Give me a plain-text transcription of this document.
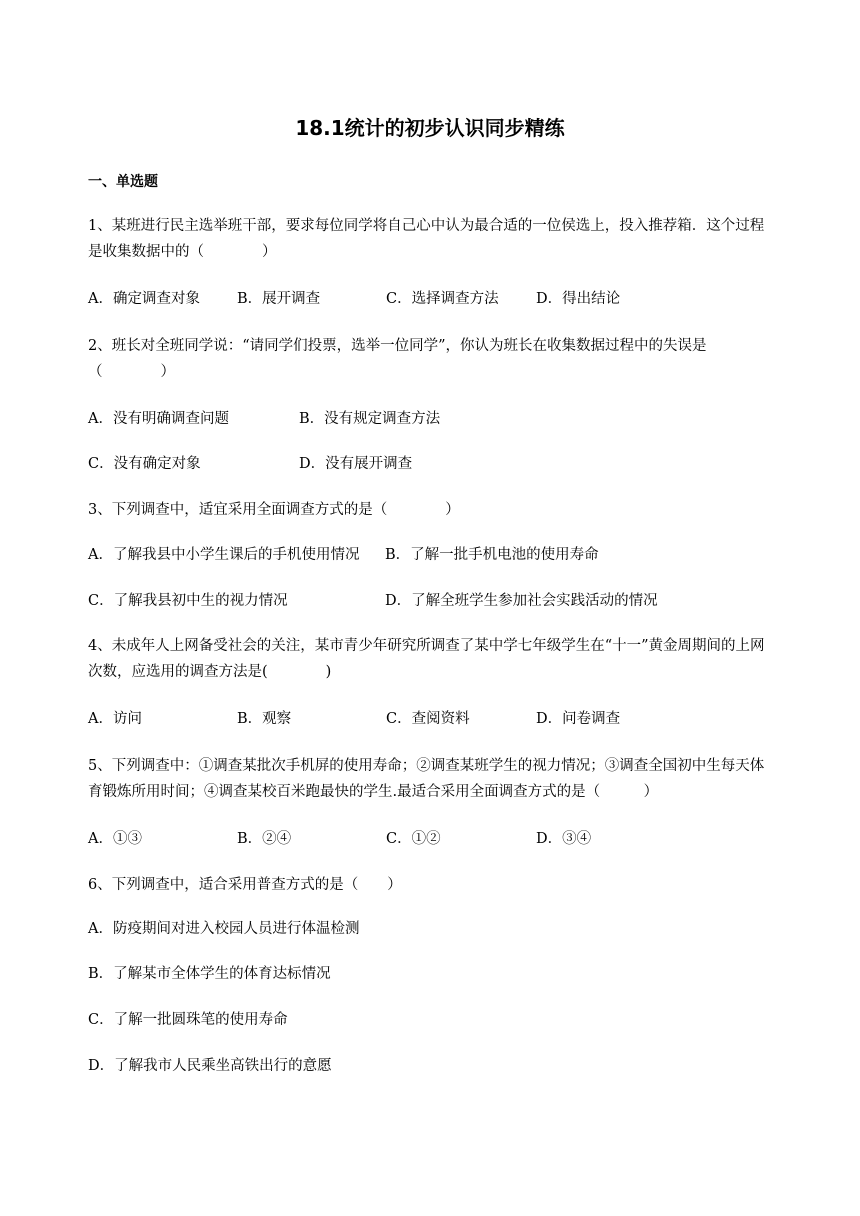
18.1统计的初步认识同步精练
一、单选题
1、某班进行民主选举班干部，要求每位同学将自己心中认为最合适的一位侯选上，投入推荐箱．这个过程是收集数据中的（　　　　）
A．确定调查对象	B．展开调查	C．选择调查方法	D．得出结论
2、班长对全班同学说：“请同学们投票，选举一位同学”，你认为班长在收集数据过程中的失误是（　　　　）
A．没有明确调查问题	B．没有规定调查方法
C．没有确定对象	D．没有展开调查
3、下列调查中，适宜采用全面调查方式的是（　　　　）
A．了解我县中小学生课后的手机使用情况 B．了解一批手机电池的使用寿命
C．了解我县初中生的视力情况	D．了解全班学生参加社会实践活动的情况
4、未成年人上网备受社会的关注，某市青少年研究所调查了某中学七年级学生在“十一”黄金周期间的上网次数，应选用的调查方法是(　　　　)
A．访问	B．观察	C．查阅资料	D．问卷调查
5、下列调查中：①调查某批次手机屏的使用寿命；②调查某班学生的视力情况；③调查全国初中生每天体育锻炼所用时间；④调查某校百米跑最快的学生.最适合采用全面调查方式的是（　　　）
A．①③	B．②④	C．①②	D．③④
6、下列调查中，适合采用普查方式的是（　　）
A．防疫期间对进入校园人员进行体温检测
B．了解某市全体学生的体育达标情况
C．了解一批圆珠笔的使用寿命
D．了解我市人民乘坐高铁出行的意愿
